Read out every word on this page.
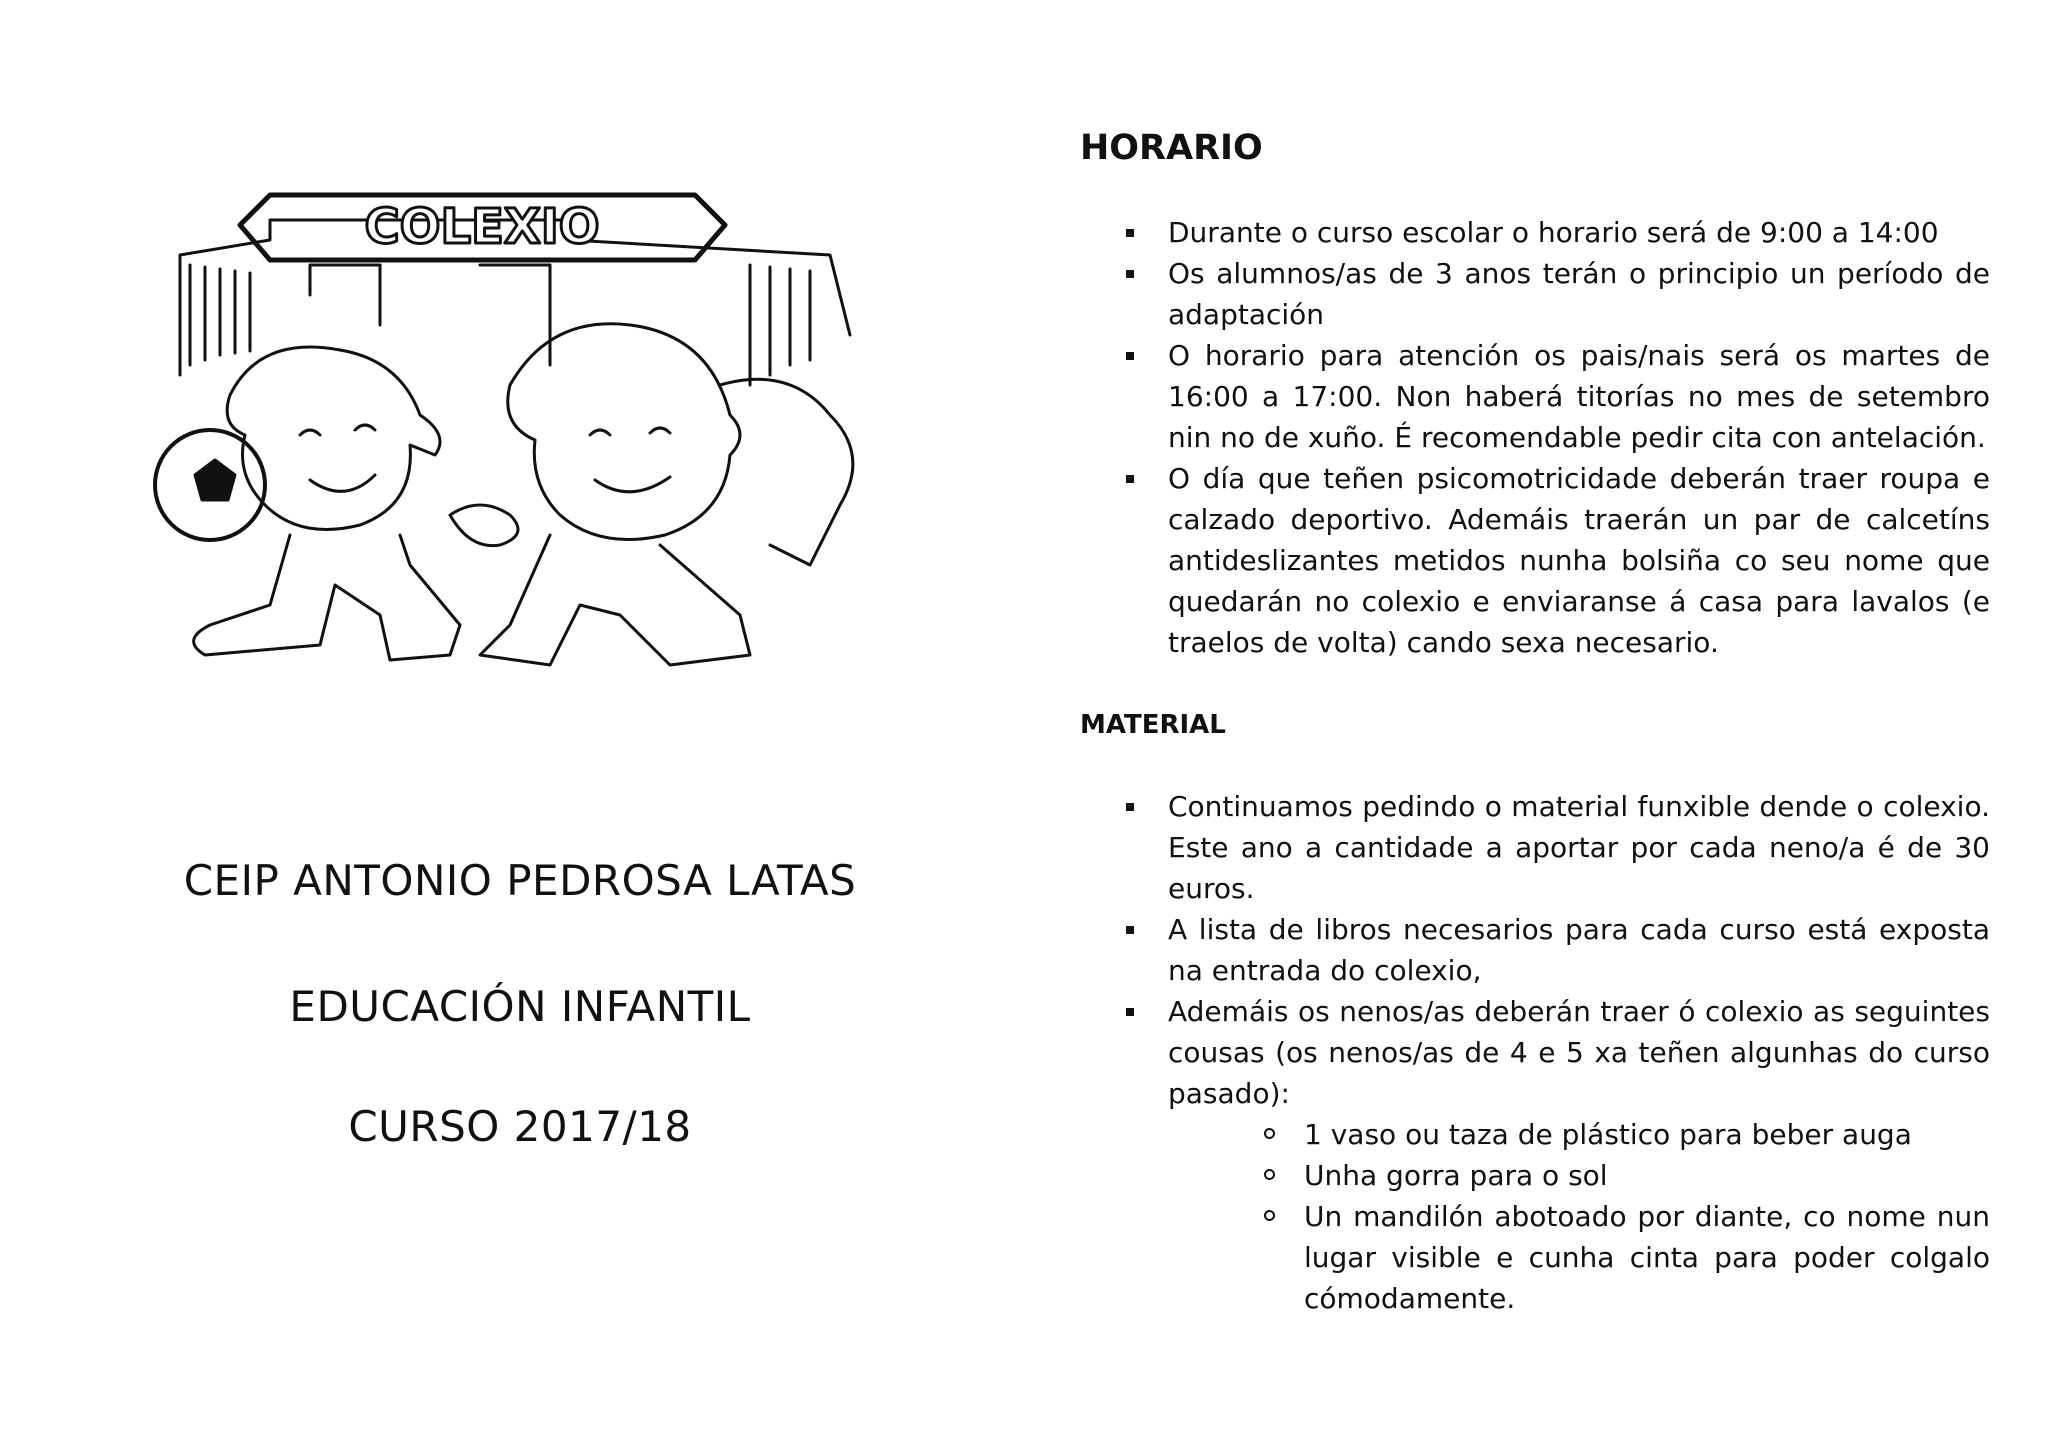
COLEXIO
CEIP ANTONIO PEDROSA LATAS
EDUCACIÓN INFANTIL
CURSO 2017/18
HORARIO
Durante o curso escolar o horario será de 9:00 a 14:00
Os alumnos/as de 3 anos terán o principio un período de adaptación
O horario para atención os pais/nais será os martes de 16:00 a 17:00. Non haberá titorías no mes de setembro nin no de xuño. É recomendable pedir cita con antelación.
O día que teñen psicomotricidade deberán traer roupa e calzado deportivo. Ademáis traerán un par de calcetíns antideslizantes metidos nunha bolsiña co seu nome que quedarán no colexio e enviaranse á casa para lavalos (e traelos de volta) cando sexa necesario.
MATERIAL
Continuamos pedindo o material funxible dende o colexio. Este ano a cantidade a aportar por cada neno/a é de 30 euros.
A lista de libros necesarios para cada curso está exposta na entrada do colexio,
Ademáis os nenos/as deberán traer ó colexio as seguintes cousas (os nenos/as de 4 e 5 xa teñen algunhas do curso pasado):
1 vaso ou taza de plástico para beber auga
Unha gorra para o sol
Un mandilón abotoado por diante, co nome nun lugar visible e cunha cinta para poder colgalo cómodamente.
